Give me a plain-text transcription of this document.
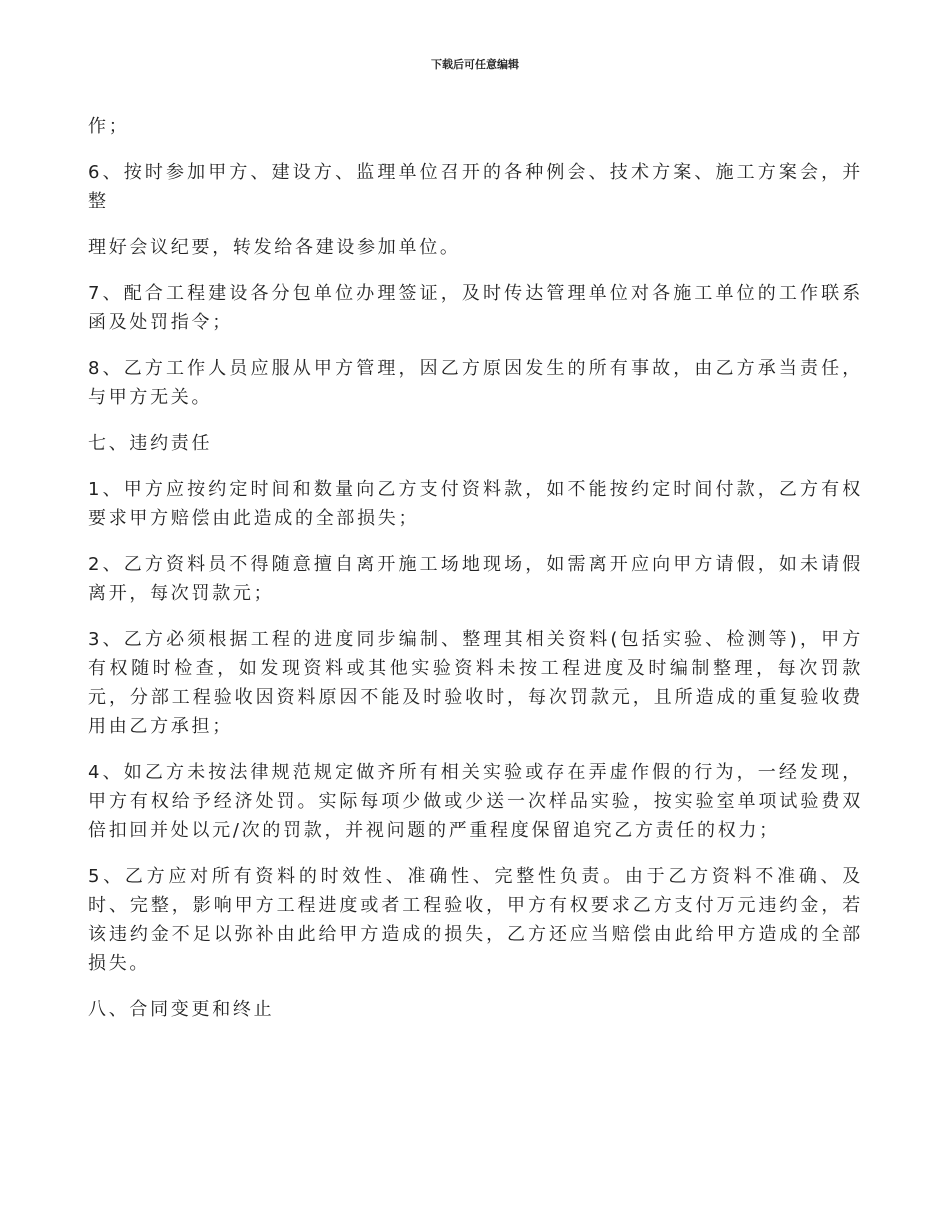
下载后可任意编辑

作；

6、按时参加甲方、建设方、监理单位召开的各种例会、技术方案、施工方案会，并整

理好会议纪要，转发给各建设参加单位。

7、配合工程建设各分包单位办理签证，及时传达管理单位对各施工单位的工作联系函及处罚指令；

8、乙方工作人员应服从甲方管理，因乙方原因发生的所有事故，由乙方承当责任，与甲方无关。

七、违约责任

1、甲方应按约定时间和数量向乙方支付资料款，如不能按约定时间付款，乙方有权要求甲方赔偿由此造成的全部损失；

2、乙方资料员不得随意擅自离开施工场地现场，如需离开应向甲方请假，如未请假离开，每次罚款元；

3、乙方必须根据工程的进度同步编制、整理其相关资料(包括实验、检测等)，甲方有权随时检查，如发现资料或其他实验资料未按工程进度及时编制整理，每次罚款元，分部工程验收因资料原因不能及时验收时，每次罚款元，且所造成的重复验收费用由乙方承担；

4、如乙方未按法律规范规定做齐所有相关实验或存在弄虚作假的行为，一经发现，甲方有权给予经济处罚。实际每项少做或少送一次样品实验，按实验室单项试验费双倍扣回并处以元/次的罚款，并视问题的严重程度保留追究乙方责任的权力；

5、乙方应对所有资料的时效性、准确性、完整性负责。由于乙方资料不准确、及时、完整，影响甲方工程进度或者工程验收，甲方有权要求乙方支付万元违约金，若该违约金不足以弥补由此给甲方造成的损失，乙方还应当赔偿由此给甲方造成的全部损失。

八、合同变更和终止
